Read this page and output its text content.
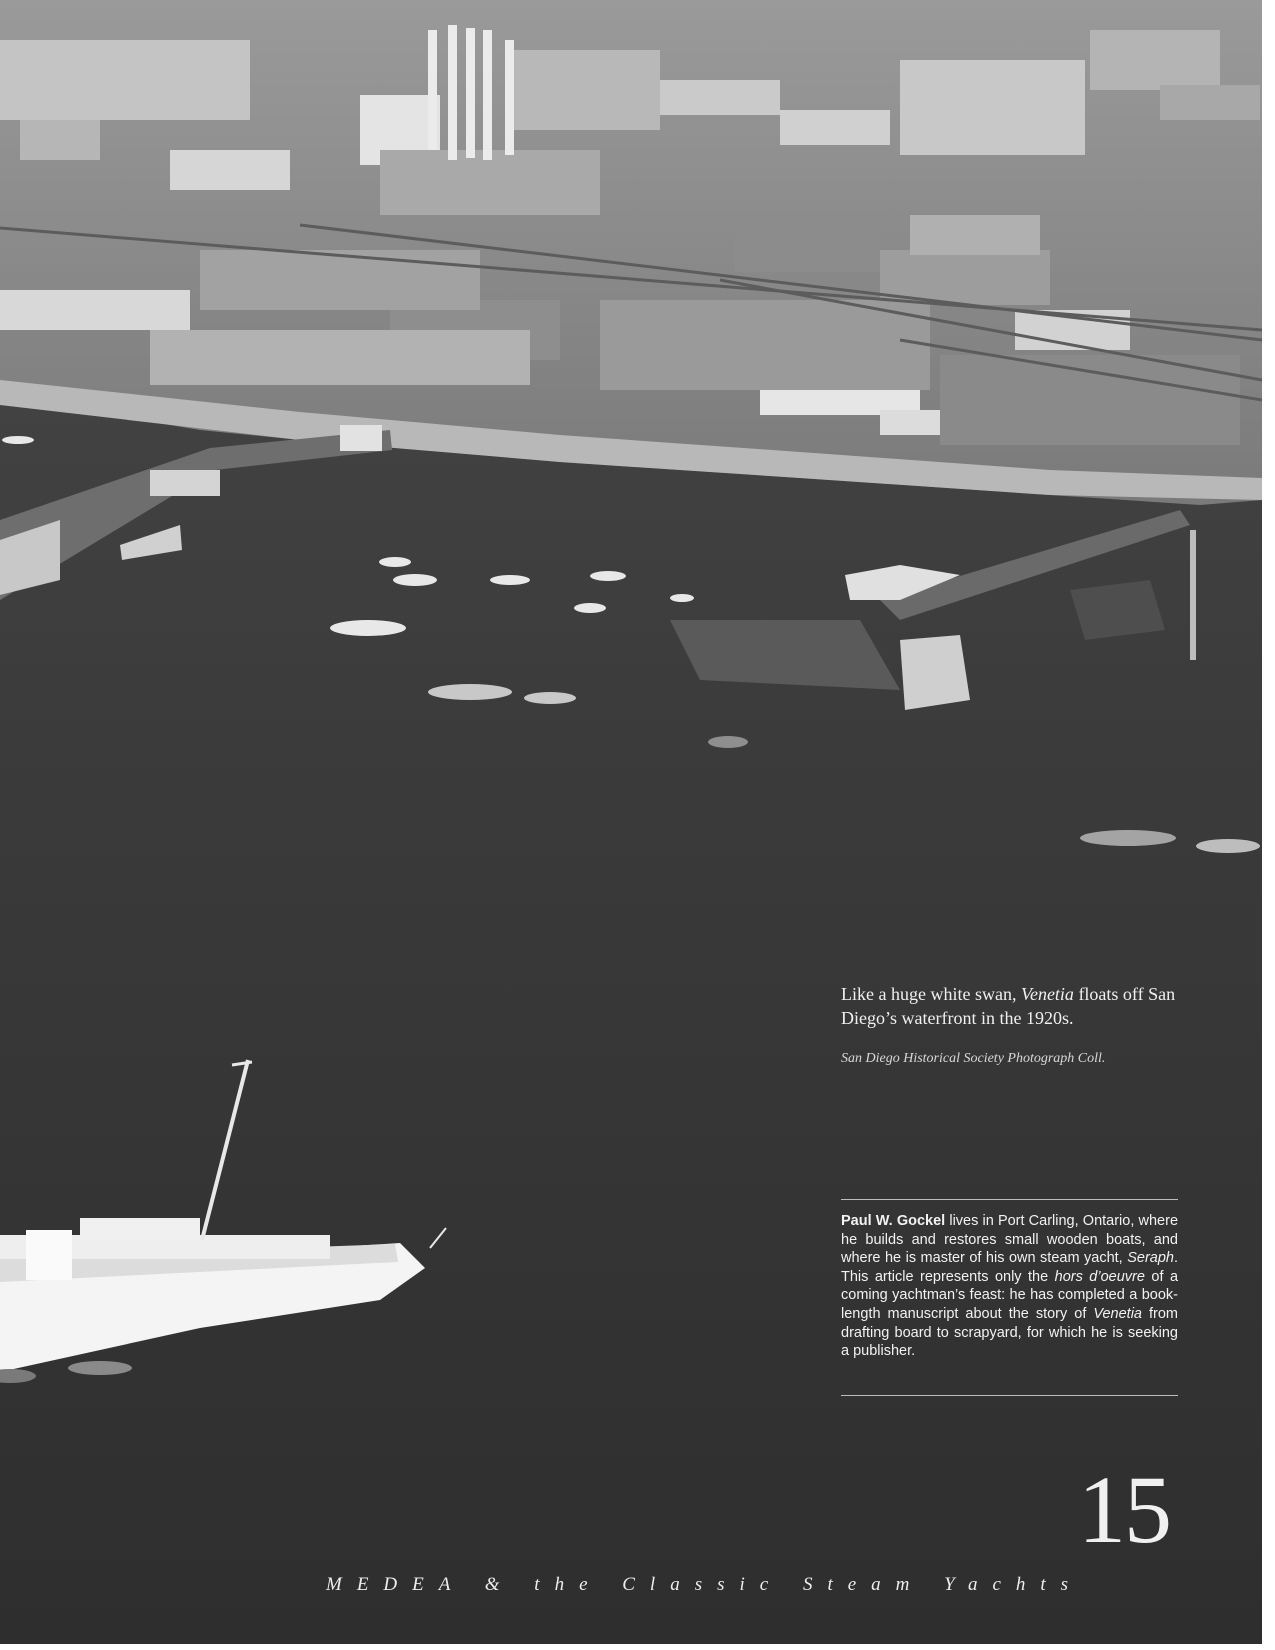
Like a huge white swan, Venetia floats off San Diego’s waterfront in the 1920s.
San Diego Historical Society Photograph Coll.
Paul W. Gockel lives in Port Carling, Ontario, where he builds and restores small wooden boats, and where he is master of his own steam yacht, Seraph. This article represents only the hors d’oeuvre of a coming yachtman’s feast: he has completed a book-length manuscript about the story of Venetia from drafting board to scrapyard, for which he is seeking a publisher.
15
MEDEA & the Classic Steam Yachts
